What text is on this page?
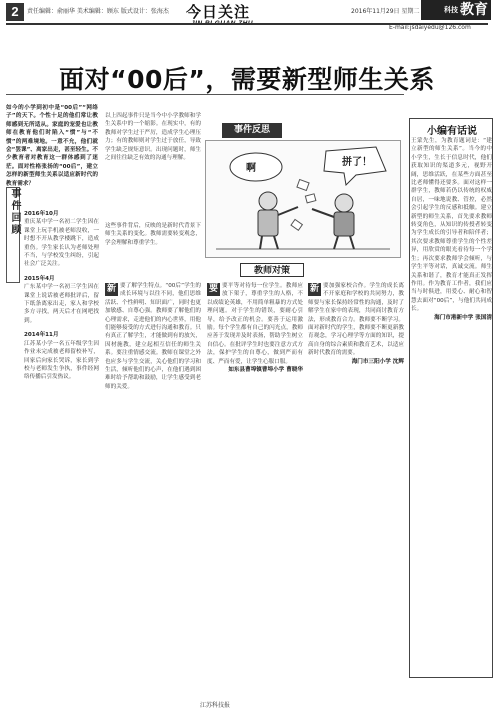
2	责任编辑：俞丽华 美术编辑：顾东 版式设计：张海杰 今日关注	2016年11月29日 星期二	$^{科技}$ 教育
E-mail:jsdaiyedu@126.com
面对“00后”，需要新型师生关系
如今的小学到初中是“00后”“网络子”的天下。个性十足的他们常让教师感到无所适从。家庭的宠爱也让教师在教育他们时陷入“惯”与“不惯”的两难境地。一意不允，他们就会“罢课”、离家出走，甚至轻生。不少教育者对教育这一群体感到了迷茫。面对性格张扬的“00后”，建立怎样的新型师生关系以适应新时代的教育需求？
事件回顾 2016年10月

重庆某中学一名初二学生因在课堂上玩手机被老师没收，一时想不开从教学楼跳下，造成重伤。学生家长认为老师处理不当，与学校发生纠纷，引起社会广泛关注。

2015年4月

广东某中学一名初三学生因在课堂上说话被老师批评后，留下纸条离家出走，家人和学校多方寻找，两天后才在网吧找到。

2014年11月

江苏某小学一名五年级学生因作业未完成被老师留校补写，回家后向家长哭诉，家长到学校与老师发生争执，事件经网络传播后引发热议。

事件反思
以上四起事件只是当今中小学教师和学生关系中的一个缩影。在现实中，有的教师对学生过于严厉，造成学生心理压力；有的教师则对学生过于放任，导致学生缺乏规矩意识。出现问题时，师生之间往往缺乏有效的沟通与理解。
这些事件背后，反映的是新时代背景下师生关系的变化。教师需要转变观念，学会理解和尊重学生。
啊
拼了！
教师对策
新 要了解学生特点。“00后”学生的成长环境与以往不同，他们思维活跃、个性鲜明、知识面广，同时也更加敏感、自尊心强。教师要了解他们的心理需求，走进他们的内心世界，用他们能够接受的方式进行沟通和教育。只有真正了解学生，才能做到有的放矢，因材施教，建立起相互信任的师生关系。要注重情感交流。教师在课堂之外也应多与学生交流，关心他们的学习和生活，倾听他们的心声，在他们遇到困难时给予帮助和鼓励，让学生感受到老师的关爱。
要 要平等对待每一位学生。教师应放下架子，尊重学生的人格，不以成绩论英雄，不用简单粗暴的方式处理问题。对于学生的错误，要耐心引导，给予改正的机会。要善于运用激励。每个学生都有自己的闪光点，教师应善于发现并及时表扬，帮助学生树立自信心。在批评学生时也要注意方式方法，保护学生的自尊心，做到严而有度、严而有爱，让学生心服口服。
如东县曹埠镇曹埠小学 曹晓华
新 要加强家校合作。学生的成长离不开家庭和学校的共同努力，教师要与家长保持经常性的沟通，及时了解学生在家中的表现，共同商讨教育方法，形成教育合力。教师要不断学习。面对新时代的学生，教师要不断更新教育观念，学习心理学等方面的知识，提高自身的综合素质和教育艺术，以适应新时代教育的需要。
海门市三阳小学 沈辉
小编有话说
王蒙先生，为教育题词是：“建立新型的师生关系”。当今的中小学生，生长于信息时代，他们获取知识的渠道多元，视野开阔，思维活跃，在某些方面甚至比老师懂得还要多。面对这样一群学生，教师若仍以传统的权威自居，一味地说教、管控，必然会引起学生的反感和抵触。建立新型的师生关系，首先要求教师转变角色，从知识的传授者转变为学生成长的引导者和陪伴者；其次要求教师尊重学生的个性差异，用欣赏的眼光看待每一个学生；再次要求教师学会倾听，与学生平等对话，真诚交流。师生关系和谐了，教育才能真正发挥作用。作为教育工作者，我们应当与时俱进，用爱心、耐心和智慧去面对“00后”，与他们共同成长。
海门市港新中学 张国清
江苏科技报
